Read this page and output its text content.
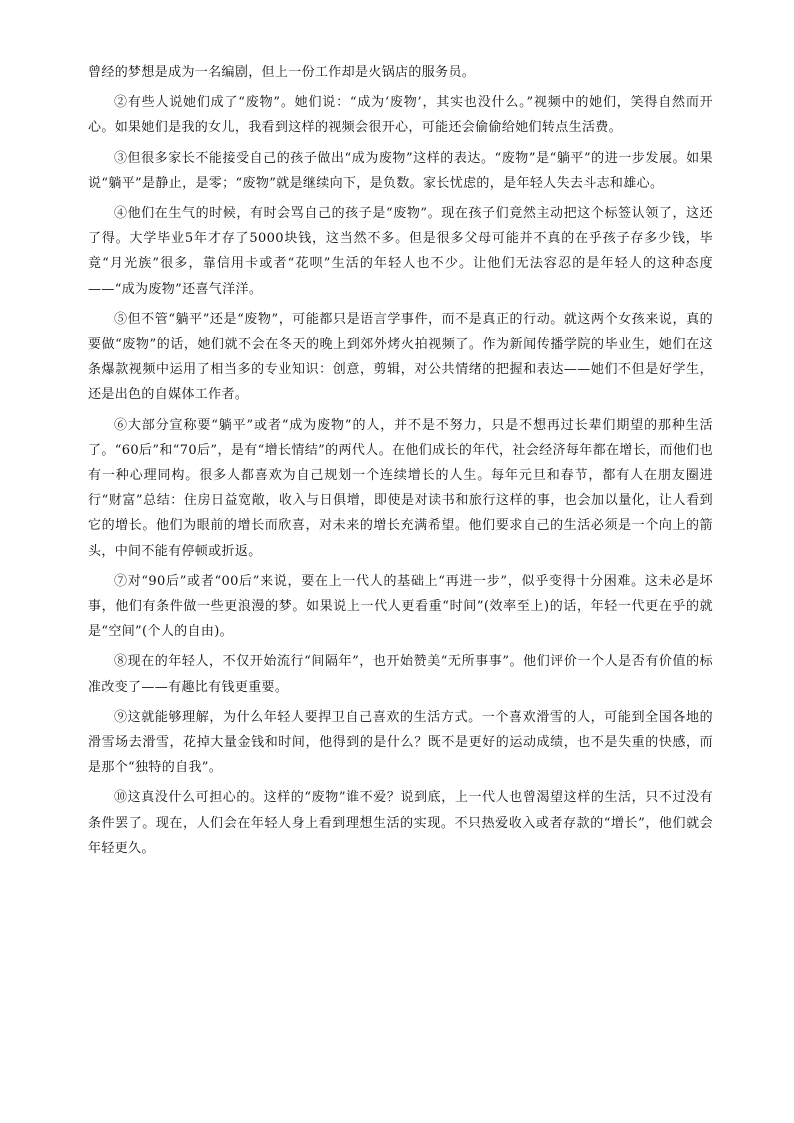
曾经的梦想是成为一名编剧，但上一份工作却是火锅店的服务员。

②有些人说她们成了“废物”。她们说：“成为‘废物’，其实也没什么。”视频中的她们，笑得自然而开心。如果她们是我的女儿，我看到这样的视频会很开心，可能还会偷偷给她们转点生活费。

③但很多家长不能接受自己的孩子做出“成为废物”这样的表达。“废物”是“躺平”的进一步发展。如果说“躺平”是静止，是零；“废物”就是继续向下，是负数。家长忧虑的，是年轻人失去斗志和雄心。

④他们在生气的时候，有时会骂自己的孩子是“废物”。现在孩子们竟然主动把这个标签认领了，这还了得。大学毕业5年才存了5000块钱，这当然不多。但是很多父母可能并不真的在乎孩子存多少钱，毕竟“月光族”很多，靠信用卡或者“花呗”生活的年轻人也不少。让他们无法容忍的是年轻人的这种态度——“成为废物”还喜气洋洋。

⑤但不管“躺平”还是“废物”，可能都只是语言学事件，而不是真正的行动。就这两个女孩来说，真的要做“废物”的话，她们就不会在冬天的晚上到郊外烤火拍视频了。作为新闻传播学院的毕业生，她们在这条爆款视频中运用了相当多的专业知识：创意，剪辑，对公共情绪的把握和表达——她们不但是好学生，还是出色的自媒体工作者。

⑥大部分宣称要“躺平”或者“成为废物”的人，并不是不努力，只是不想再过长辈们期望的那种生活了。“60后”和“70后”，是有“增长情结”的两代人。在他们成长的年代，社会经济每年都在增长，而他们也有一种心理同构。很多人都喜欢为自己规划一个连续增长的人生。每年元旦和春节，都有人在朋友圈进行“财富”总结：住房日益宽敞，收入与日俱增，即使是对读书和旅行这样的事，也会加以量化，让人看到它的增长。他们为眼前的增长而欣喜，对未来的增长充满希望。他们要求自己的生活必须是一个向上的箭头，中间不能有停顿或折返。

⑦对“90后”或者“00后”来说，要在上一代人的基础上“再进一步”，似乎变得十分困难。这未必是坏事，他们有条件做一些更浪漫的梦。如果说上一代人更看重“时间”(效率至上)的话，年轻一代更在乎的就是“空间”(个人的自由)。

⑧现在的年轻人，不仅开始流行“间隔年”，也开始赞美“无所事事”。他们评价一个人是否有价值的标准改变了——有趣比有钱更重要。

⑨这就能够理解，为什么年轻人要捍卫自己喜欢的生活方式。一个喜欢滑雪的人，可能到全国各地的滑雪场去滑雪，花掉大量金钱和时间，他得到的是什么？既不是更好的运动成绩，也不是失重的快感，而是那个“独特的自我”。

⑩这真没什么可担心的。这样的“废物”谁不爱？说到底，上一代人也曾渴望这样的生活，只不过没有条件罢了。现在，人们会在年轻人身上看到理想生活的实现。不只热爱收入或者存款的“增长”，他们就会年轻更久。
